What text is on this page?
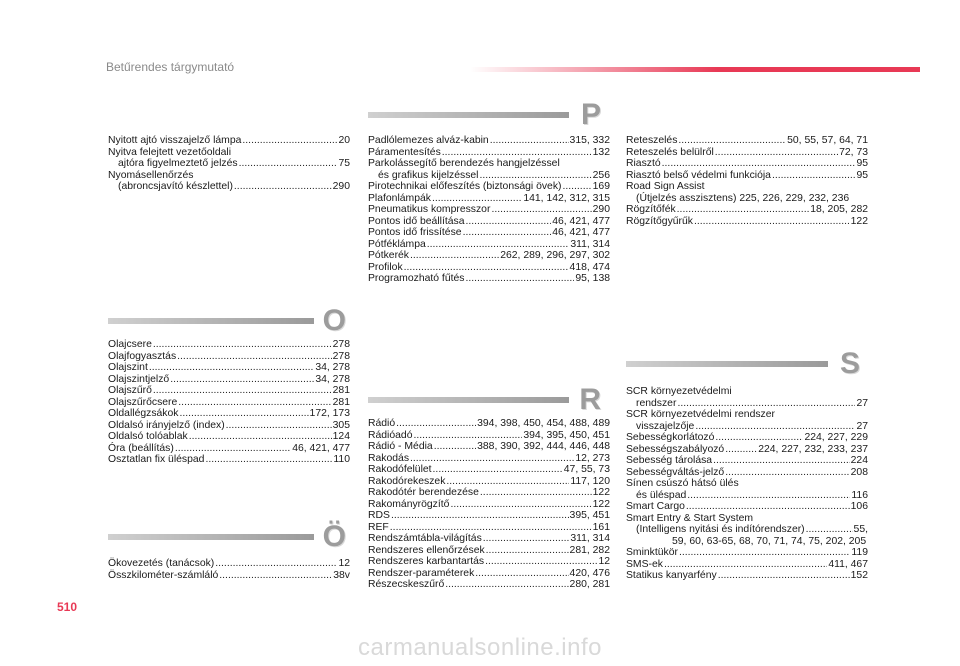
Betűrendes tárgymutató
Nyitott ajtó visszajelző lámpa .....	20
Nyitva felejtett vezetőoldali
ajtóra figyelmeztető jelzés .....	75
Nyomásellenőrzés
(abroncsjavító készlettel) .....	290
O
Olajcsere .....	278
Olajfogyasztás .....	278
Olajszint .....	34, 278
Olajszintjelző .....	34, 278
Olajszűrő .....	281
Olajszűrőcsere .....	281
Oldallégzsákok .....	172, 173
Oldalsó irányjelző (index) .....	305
Oldalsó tolóablak .....	124
Óra (beállítás) .....	46, 421, 477
Osztatlan fix üléspad .....	110
Ö
Ökovezetés (tanácsok) .....	12
Összkilométer-számláló .....	38v
P
Padlólemezes alváz-kabin .....	315, 332
Páramentesítés .....	132
Parkolássegítő berendezés hangjelzéssel
és grafikus kijelzéssel .....	256
Pirotechnikai előfeszítés (biztonsági övek) .....	169
Plafonlámpák .....	141, 142, 312, 315
Pneumatikus kompresszor .....	290
Pontos idő beállítása .....	46, 421, 477
Pontos idő frissítése .....	46, 421, 477
Pótféklámpa .....	311, 314
Pótkerék .....	262, 289, 296, 297, 302
Profilok .....	418, 474
Programozható fűtés .....	95, 138
R
Rádió .....	394, 398, 450, 454, 488, 489
Rádióadó .....	394, 395, 450, 451
Rádió - Média .....	388, 390, 392, 444, 446, 448
Rakodás .....	12, 273
Rakodófelület .....	47, 55, 73
Rakodórekeszek .....	117, 120
Rakodótér berendezése .....	122
Rakományrögzítő .....	122
RDS .....	395, 451
REF .....	161
Rendszámtábla-világítás .....	311, 314
Rendszeres ellenőrzések .....	281, 282
Rendszeres karbantartás .....	12
Rendszer-paraméterek .....	420, 476
Részecskeszűrő .....	280, 281
Reteszelés .....	50, 55, 57, 64, 71
Reteszelés belülről .....	72, 73
Riasztó .....	95
Riasztó belső védelmi funkciója .....	95
Road Sign Assist
(Útjelzés asszisztens) 225, 226, 229, 232, 236
Rögzítőfék .....	18, 205, 282
Rögzítőgyűrűk .....	122
S
SCR környezetvédelmi
rendszer .....	27
SCR környezetvédelmi rendszer
visszajelzője .....	27
Sebességkorlátozó .....	224, 227, 229
Sebességszabályozó .....	224, 227, 232, 233, 237
Sebesség tárolása .....	224
Sebességváltás-jelző .....	208
Sínen csúszó hátsó ülés
és üléspad .....	116
Smart Cargo .....	106
Smart Entry & Start System
(Intelligens nyitási és indítórendszer) .....	55,
59, 60, 63-65, 68, 70, 71, 74, 75, 202, 205
Sminktükör .....	119
SMS-ek .....	411, 467
Statikus kanyarfény .....	152
510
carmanualsonline.info
